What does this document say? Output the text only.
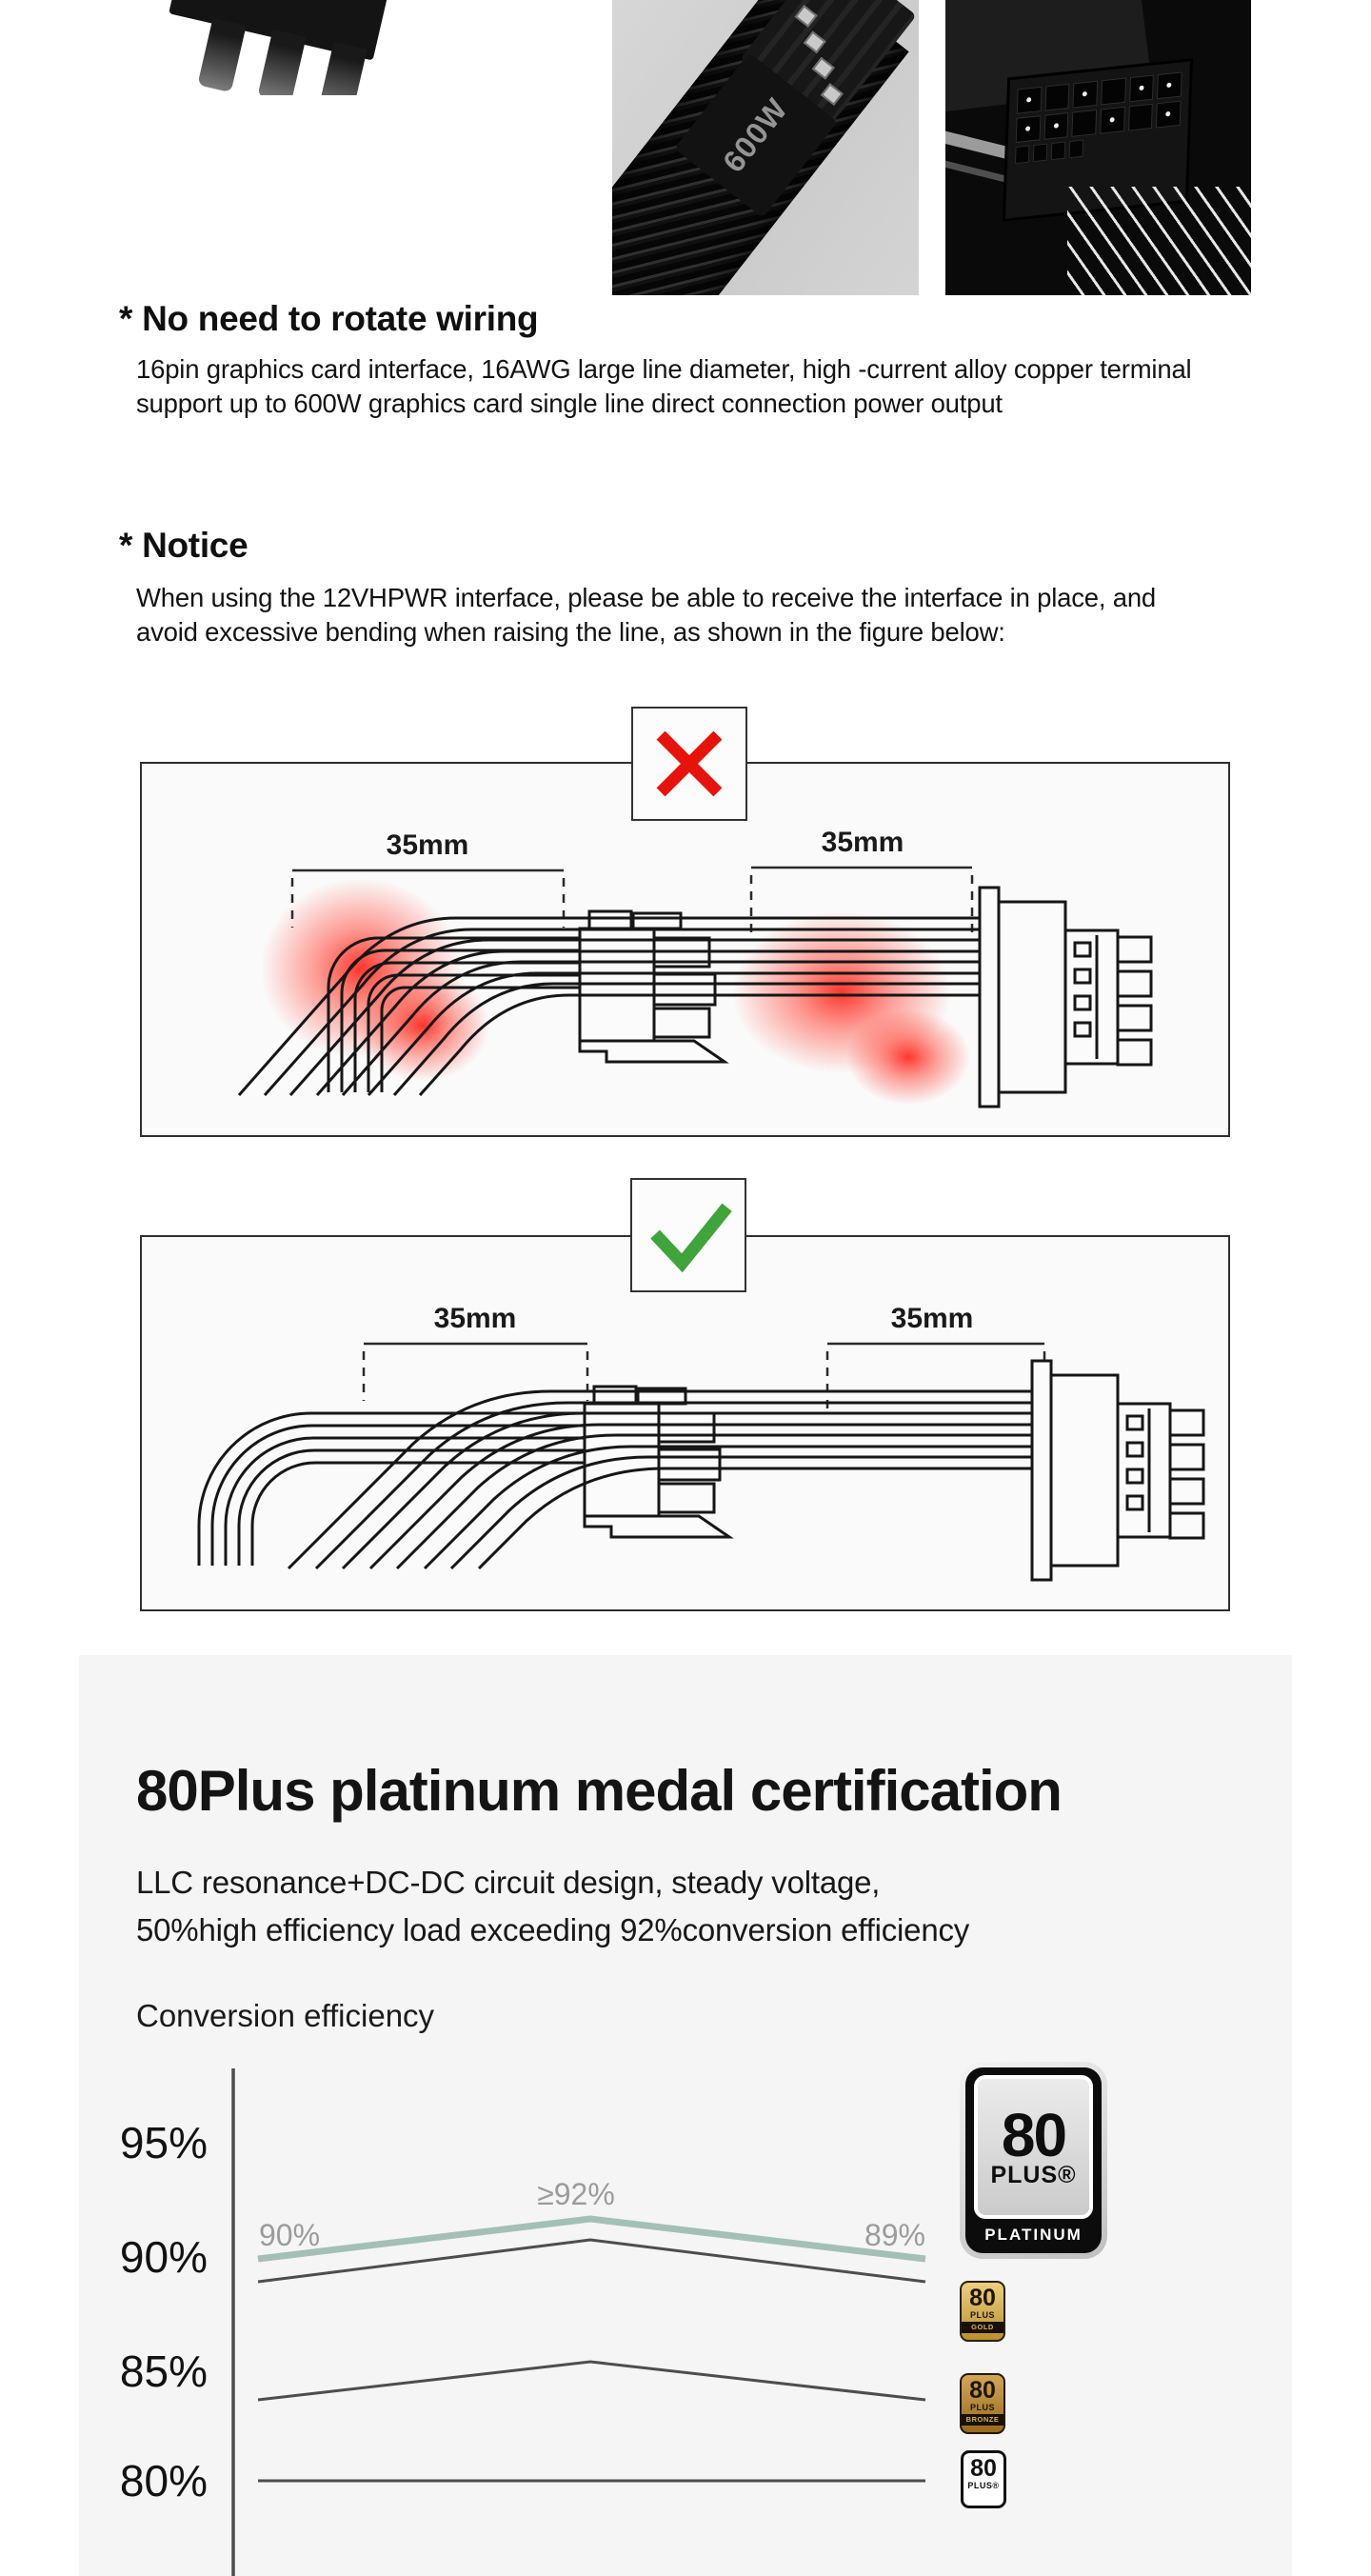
600W
* No need to rotate wiring
16pin graphics card interface, 16AWG large line diameter, high -current alloy copper terminal support up to 600W graphics card single line direct connection power output
* Notice
When using the 12VHPWR interface, please be able to receive the interface in place, and avoid excessive bending when raising the line, as shown in the figure below:
35mm	35mm
35mm	35mm
80Plus platinum medal certification
LLC resonance+DC-DC circuit design, steady voltage,
50%high efficiency load exceeding 92%conversion efficiency
Conversion efficiency
95%
90%
85%
80%
90%
≥92%
89%
80
PLUS®
PLATINUM
80
PLUS
GOLD
80
PLUS
BRONZE
80
PLUS®
